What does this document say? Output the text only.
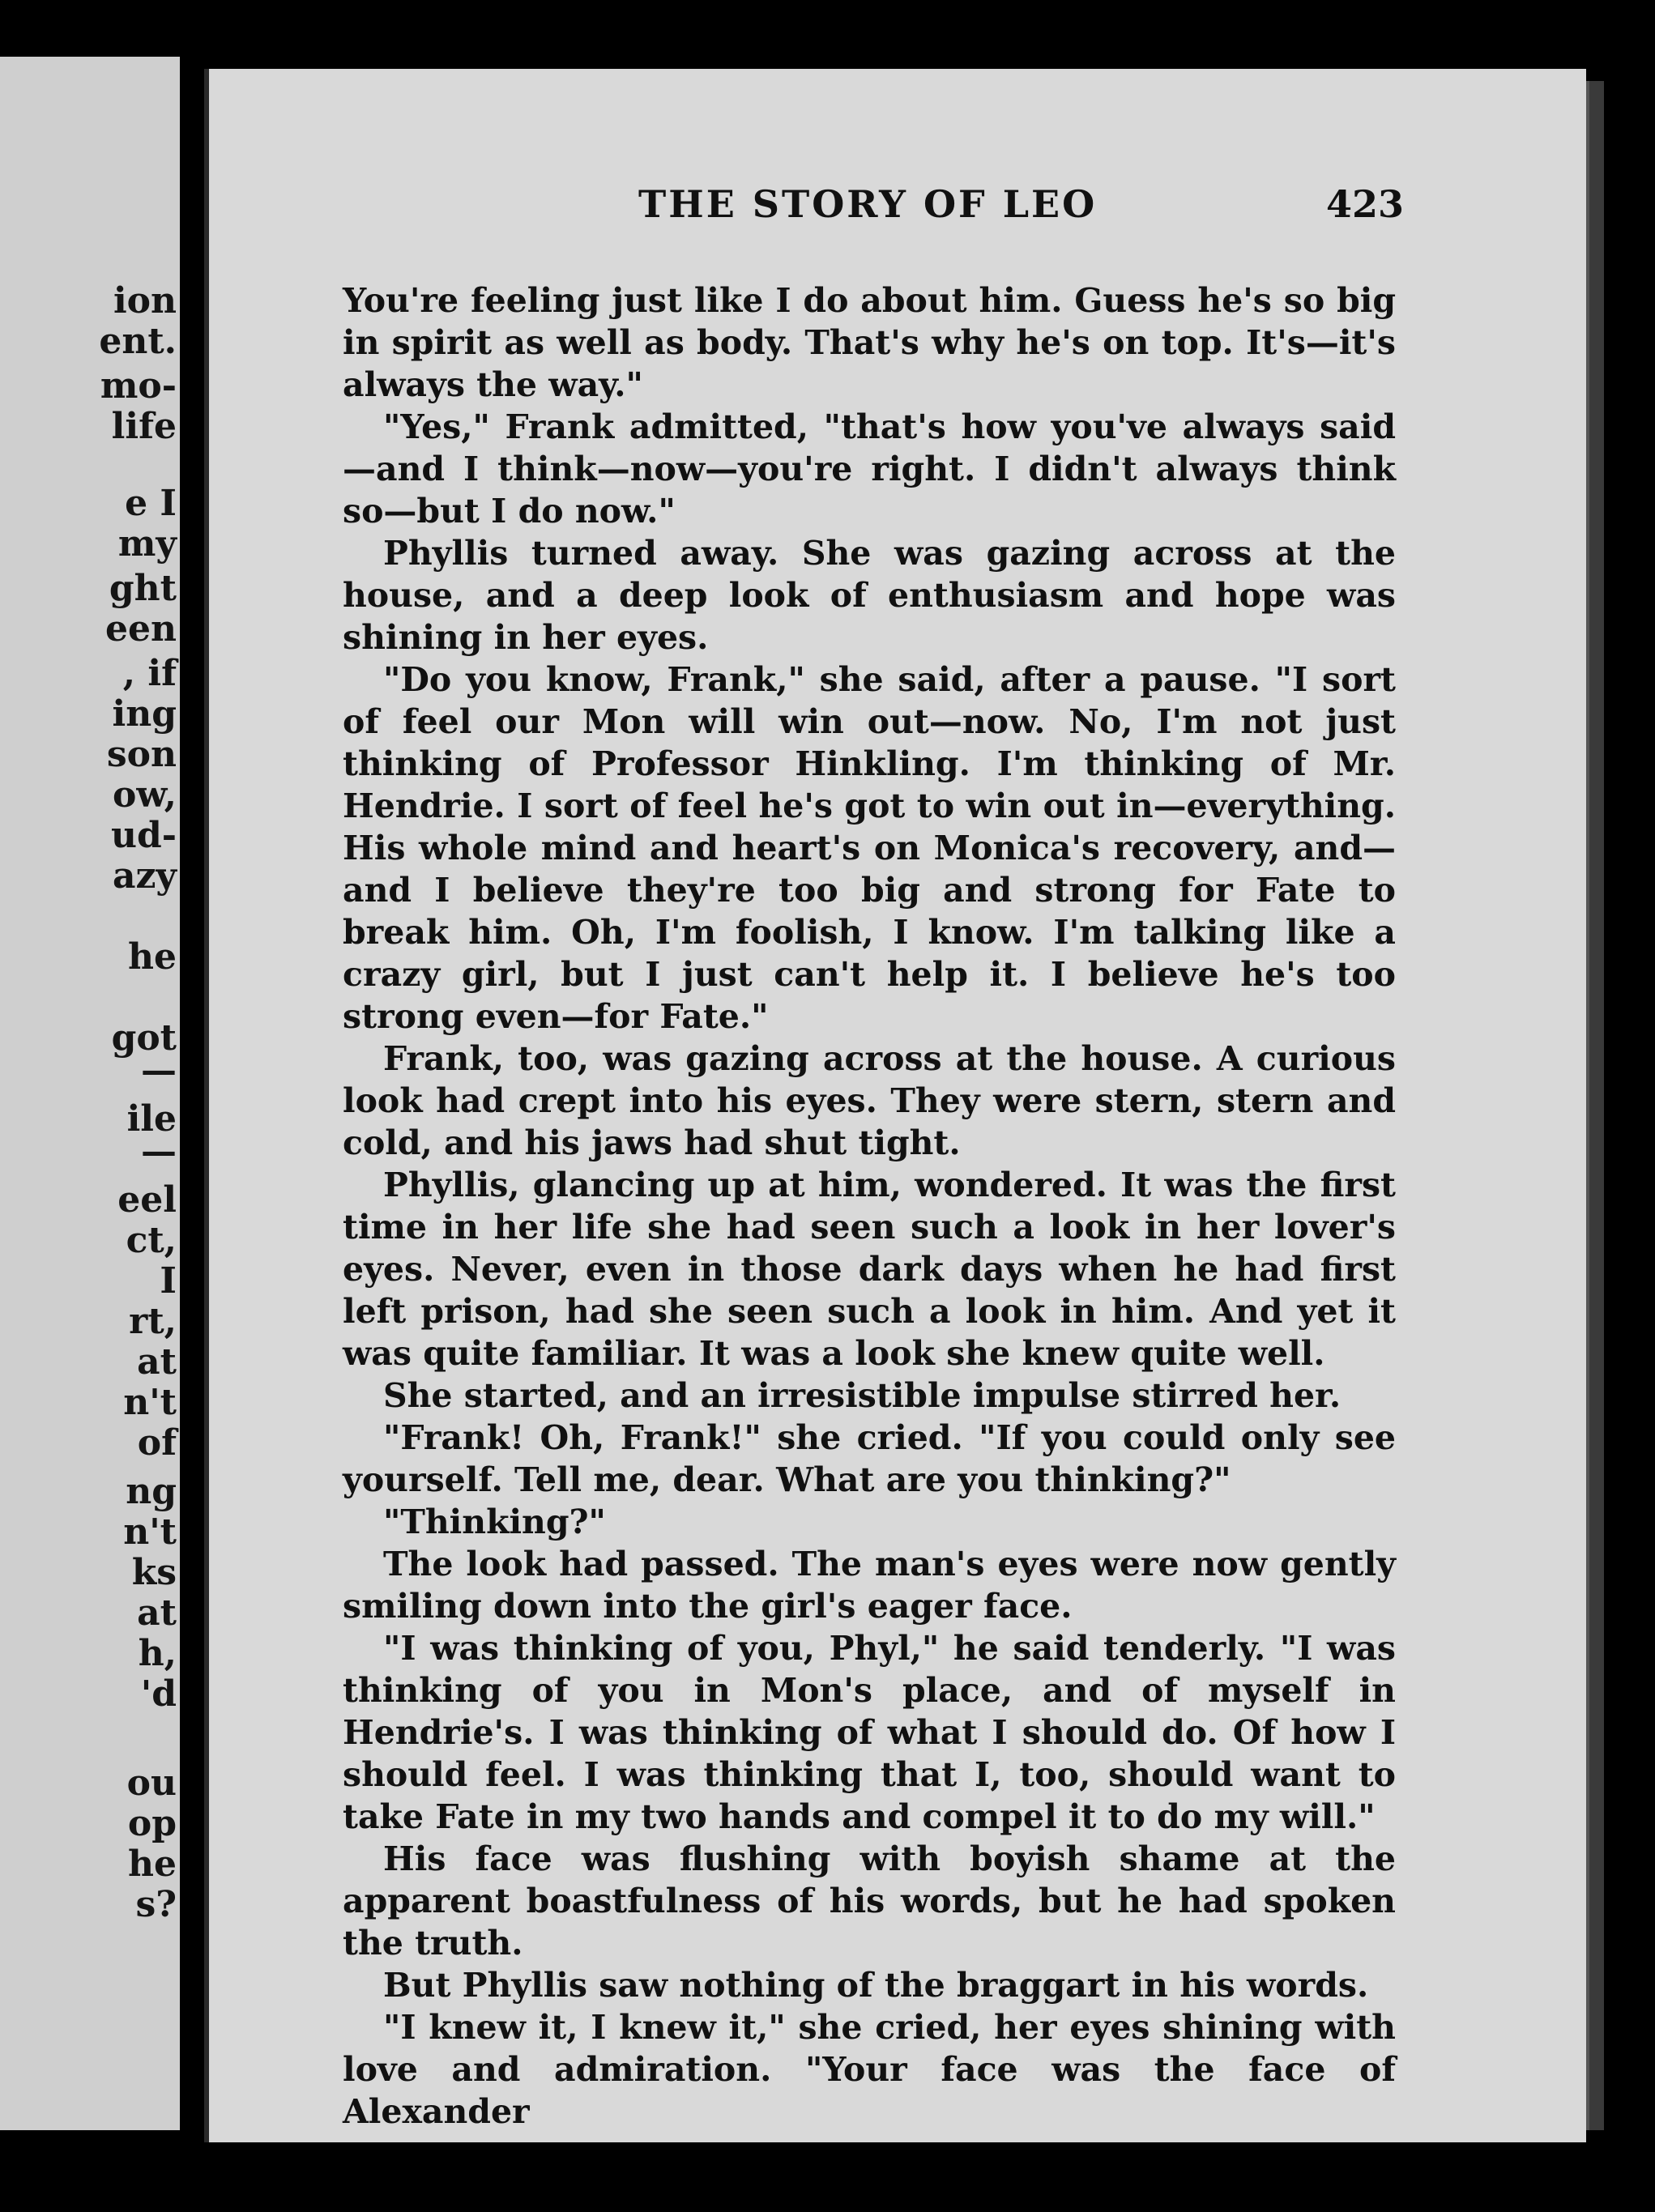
ion
ent.
mo-
life
e I
my
ght
een
, if
ing
son
ow,
ud-
azy
he
got
—
ile
—
eel
ct,
I
rt,
at
n't
of
ng
n't
ks
at
h,
'd
ou
op
he
s?
THE STORY OF LEO	423

You're feeling just like I do about him. Guess he's so big in spirit as well as body. That's why he's on top. It's—it's always the way."

"Yes," Frank admitted, "that's how you've always said —and I think—now—you're right. I didn't always think so—but I do now."

Phyllis turned away. She was gazing across at the house, and a deep look of enthusiasm and hope was shining in her eyes.

"Do you know, Frank," she said, after a pause. "I sort of feel our Mon will win out—now. No, I'm not just thinking of Professor Hinkling. I'm thinking of Mr. Hendrie. I sort of feel he's got to win out in—everything. His whole mind and heart's on Monica's recovery, and—and I believe they're too big and strong for Fate to break him. Oh, I'm foolish, I know. I'm talking like a crazy girl, but I just can't help it. I believe he's too strong even—for Fate."

Frank, too, was gazing across at the house. A curious look had crept into his eyes. They were stern, stern and cold, and his jaws had shut tight.

Phyllis, glancing up at him, wondered. It was the first time in her life she had seen such a look in her lover's eyes. Never, even in those dark days when he had first left prison, had she seen such a look in him. And yet it was quite familiar. It was a look she knew quite well.

She started, and an irresistible impulse stirred her.

"Frank! Oh, Frank!" she cried. "If you could only see yourself. Tell me, dear. What are you thinking?"

"Thinking?"

The look had passed. The man's eyes were now gently smiling down into the girl's eager face.

"I was thinking of you, Phyl," he said tenderly. "I was thinking of you in Mon's place, and of myself in Hendrie's. I was thinking of what I should do. Of how I should feel. I was thinking that I, too, should want to take Fate in my two hands and compel it to do my will."

His face was flushing with boyish shame at the apparent boastfulness of his words, but he had spoken the truth.

But Phyllis saw nothing of the braggart in his words.

"I knew it, I knew it," she cried, her eyes shining with love and admiration. "Your face was the face of Alexander
